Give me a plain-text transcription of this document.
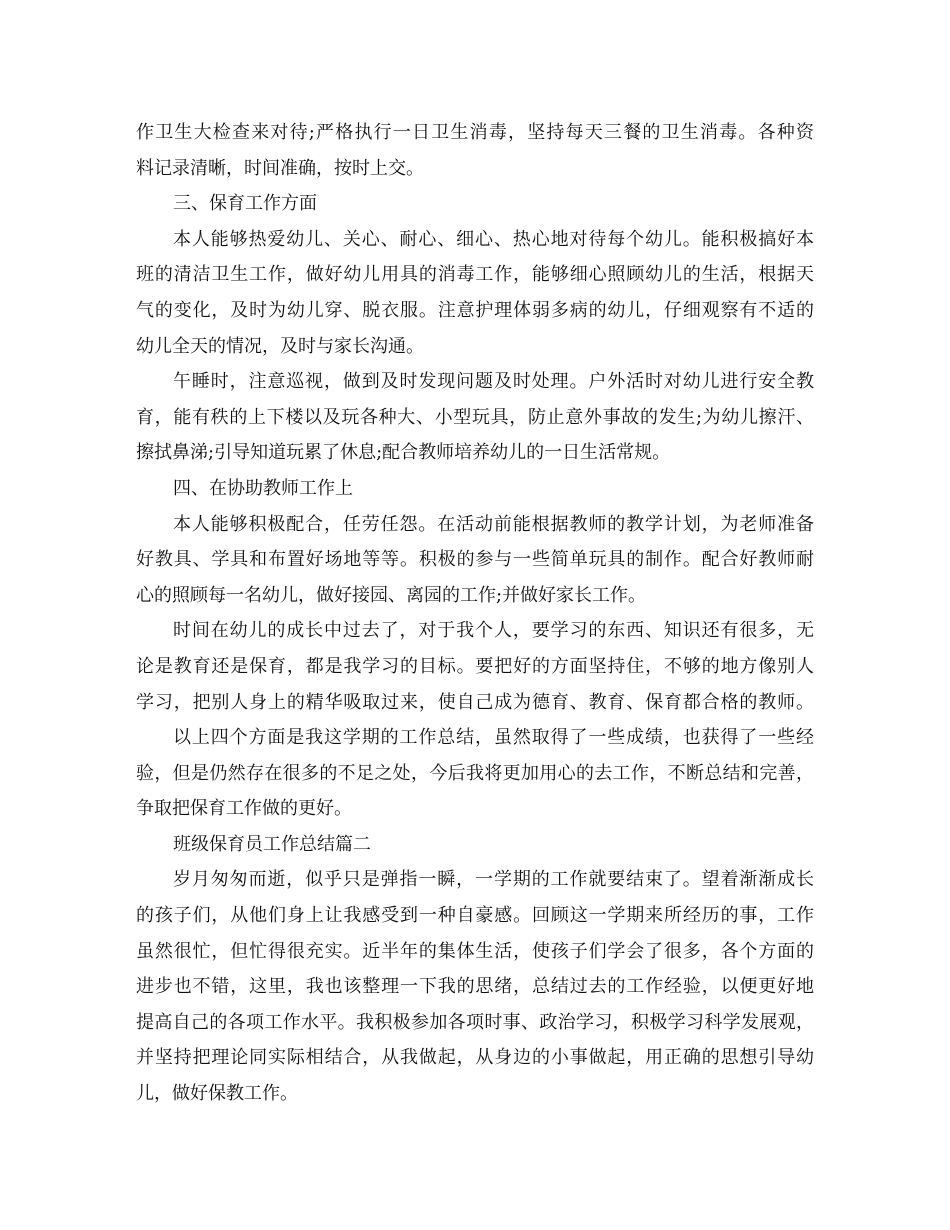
作卫生大检查来对待;严格执行一日卫生消毒，坚持每天三餐的卫生消毒。各种资
料记录清晰，时间准确，按时上交。
三、保育工作方面
本人能够热爱幼儿、关心、耐心、细心、热心地对待每个幼儿。能积极搞好本
班的清洁卫生工作，做好幼儿用具的消毒工作，能够细心照顾幼儿的生活，根据天
气的变化，及时为幼儿穿、脱衣服。注意护理体弱多病的幼儿，仔细观察有不适的
幼儿全天的情况，及时与家长沟通。
午睡时，注意巡视，做到及时发现问题及时处理。户外活时对幼儿进行安全教
育，能有秩的上下楼以及玩各种大、小型玩具，防止意外事故的发生;为幼儿擦汗、
擦拭鼻涕;引导知道玩累了休息;配合教师培养幼儿的一日生活常规。
四、在协助教师工作上
本人能够积极配合，任劳任怨。在活动前能根据教师的教学计划，为老师准备
好教具、学具和布置好场地等等。积极的参与一些简单玩具的制作。配合好教师耐
心的照顾每一名幼儿，做好接园、离园的工作;并做好家长工作。
时间在幼儿的成长中过去了，对于我个人，要学习的东西、知识还有很多，无
论是教育还是保育，都是我学习的目标。要把好的方面坚持住，不够的地方像别人
学习，把别人身上的精华吸取过来，使自己成为德育、教育、保育都合格的教师。
以上四个方面是我这学期的工作总结，虽然取得了一些成绩，也获得了一些经
验，但是仍然存在很多的不足之处，今后我将更加用心的去工作，不断总结和完善，
争取把保育工作做的更好。
班级保育员工作总结篇二
岁月匆匆而逝，似乎只是弹指一瞬，一学期的工作就要结束了。望着渐渐成长
的孩子们，从他们身上让我感受到一种自豪感。回顾这一学期来所经历的事，工作
虽然很忙，但忙得很充实。近半年的集体生活，使孩子们学会了很多，各个方面的
进步也不错，这里，我也该整理一下我的思绪，总结过去的工作经验，以便更好地
提高自己的各项工作水平。我积极参加各项时事、政治学习，积极学习科学发展观，
并坚持把理论同实际相结合，从我做起，从身边的小事做起，用正确的思想引导幼
儿，做好保教工作。
